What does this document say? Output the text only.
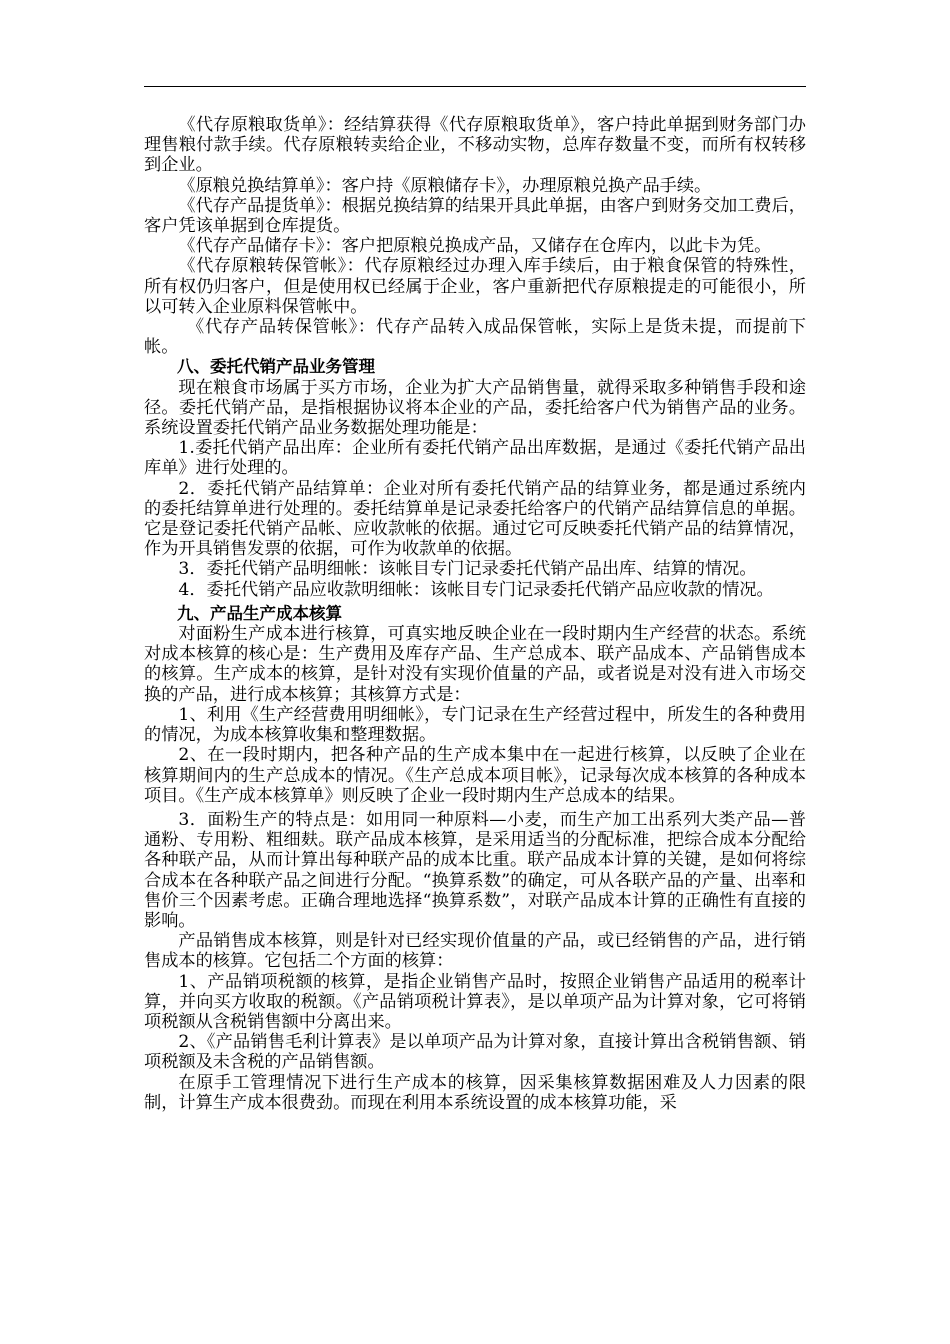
《代存原粮取货单》：经结算获得《代存原粮取货单》，客户持此单据到财务部门办理售粮付款手续。代存原粮转卖给企业，不移动实物，总库存数量不变，而所有权转移到企业。

《原粮兑换结算单》：客户持《原粮储存卡》，办理原粮兑换产品手续。

《代存产品提货单》：根据兑换结算的结果开具此单据，由客户到财务交加工费后，客户凭该单据到仓库提货。

《代存产品储存卡》：客户把原粮兑换成产品，又储存在仓库内，以此卡为凭。

《代存原粮转保管帐》：代存原粮经过办理入库手续后，由于粮食保管的特殊性， 所有权仍归客户，但是使用权已经属于企业，客户重新把代存原粮提走的可能很小，所以可转入企业原料保管帐中。

《代存产品转保管帐》：代存产品转入成品保管帐，实际上是货未提，而提前下帐。

八、委托代销产品业务管理

现在粮食市场属于买方市场，企业为扩大产品销售量，就得采取多种销售手段和途径。委托代销产品，是指根据协议将本企业的产品，委托给客户代为销售产品的业务。系统设置委托代销产品业务数据处理功能是：

1.委托代销产品出库：企业所有委托代销产品出库数据，是通过《委托代销产品出库单》进行处理的。

2．委托代销产品结算单：企业对所有委托代销产品的结算业务，都是通过系统内的委托结算单进行处理的。委托结算单是记录委托给客户的代销产品结算信息的单据。它是登记委托代销产品帐、应收款帐的依据。通过它可反映委托代销产品的结算情况，作为开具销售发票的依据，可作为收款单的依据。

3．委托代销产品明细帐：该帐目专门记录委托代销产品出库、结算的情况。

4．委托代销产品应收款明细帐：该帐目专门记录委托代销产品应收款的情况。

九、产品生产成本核算

对面粉生产成本进行核算，可真实地反映企业在一段时期内生产经营的状态。系统对成本核算的核心是：生产费用及库存产品、生产总成本、联产品成本、产品销售成本的核算。生产成本的核算，是针对没有实现价值量的产品，或者说是对没有进入市场交换的产品，进行成本核算；其核算方式是：

1、利用《生产经营费用明细帐》，专门记录在生产经营过程中，所发生的各种费用的情况，为成本核算收集和整理数据。

2、在一段时期内，把各种产品的生产成本集中在一起进行核算，以反映了企业在核算期间内的生产总成本的情况。《生产总成本项目帐》，记录每次成本核算的各种成本项目。《生产成本核算单》则反映了企业一段时期内生产总成本的结果。

3．面粉生产的特点是：如用同一种原料—小麦，而生产加工出系列大类产品—普通粉、专用粉、粗细麸。联产品成本核算，是采用适当的分配标准，把综合成本分配给各种联产品，从而计算出每种联产品的成本比重。联产品成本计算的关键，是如何将综合成本在各种联产品之间进行分配。“换算系数”的确定，可从各联产品的产量、出率和售价三个因素考虑。正确合理地选择“换算系数”，对联产品成本计算的正确性有直接的影响。

产品销售成本核算，则是针对已经实现价值量的产品，或已经销售的产品，进行销售成本的核算。它包括二个方面的核算：

1、产品销项税额的核算，是指企业销售产品时，按照企业销售产品适用的税率计算，并向买方收取的税额。《产品销项税计算表》，是以单项产品为计算对象，它可将销项税额从含税销售额中分离出来。

2、《产品销售毛利计算表》是以单项产品为计算对象，直接计算出含税销售额、销项税额及未含税的产品销售额。

在原手工管理情况下进行生产成本的核算，因采集核算数据困难及人力因素的限制，计算生产成本很费劲。而现在利用本系统设置的成本核算功能，采
